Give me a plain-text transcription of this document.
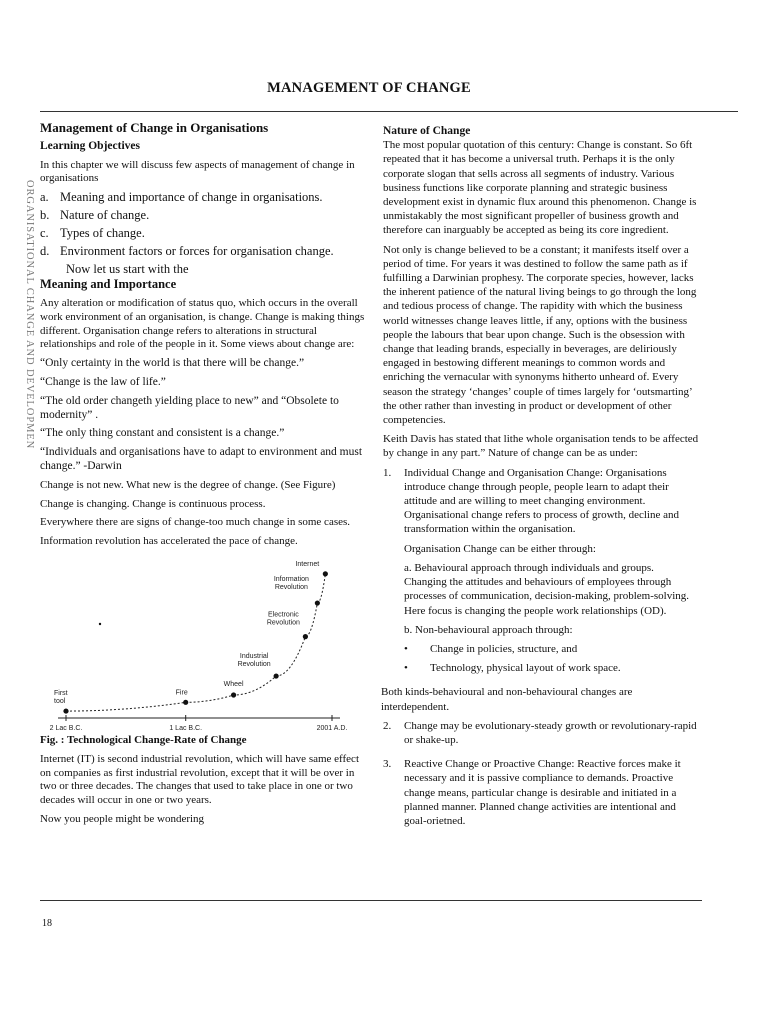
MANAGEMENT OF CHANGE
ORGANISATIONAL CHANGE AND DEVELOPMEN

Management of Change in Organisations

Learning Objectives

In this chapter we will discuss few aspects of management of change in organisations

a. Meaning and importance of change in organisations.
b. Nature of change.
c. Types of change.
d. Environment factors or forces for organisation change.

Now let us start with the

Meaning and Importance

Any alteration or modification of status quo, which occurs in the overall work environment of an organisation, is change. Change is making things different. Organisation change refers to alterations in structural relationships and role of the people in it. Some views about change are:

“Only certainty in the world is that there will be change.”

“Change is the law of life.”

“The old order changeth yielding place to new” and “Obsolete to modernity” .

“The only thing constant and consistent is a change.”

“Individuals and organisations have to adapt to environment and must change.” -Darwin

Change is not new. What new is the degree of change. (See Figure)

Change is changing. Change is continuous process.

Everywhere there are signs of change-too much change in some cases.

Information revolution has accelerated the pace of change.

2 Lac B.C.	1 Lac B.C.	2001 A.D.
First tool
Fire
Wheel
Industrial Revolution
Electronic Revolution
Information Revolution
Internet

Fig. : Technological Change-Rate of Change

Internet (IT) is second industrial revolution, which will have same effect on companies as first industrial revolution, except that it will be over in two or three decades. The changes that used to take place in one or two decades will occur in one or two years.

Now you people might be wondering

Nature of Change

The most popular quotation of this century: Change is constant. So 6ft repeated that it has become a universal truth. Perhaps it is the only corporate slogan that sells across all segments of industry. Various business functions like corporate planning and strategic business development exist in dynamic flux around this phenomenon. Change is unmistakably the most significant propeller of business growth and therefore can inarguably be accepted as being its core ingredient.

Not only is change believed to be a constant; it manifests itself over a period of time. For years it was destined to follow the same path as if fulfilling a Darwinian prophesy. The corporate species, however, lacks the inherent patience of the natural living beings to go through the long and tedious process of change. The rapidity with which the business world witnesses change leaves little, if any, options with the business people the labours that bear upon change. Such is the obsession with change that leading brands, especially in beverages, are deliriously engaged in bestowing different meanings to common words and enriching the vernacular with synonyms hitherto unheard of. Every season the strategy ‘changes’ couple of times largely for ‘outsmarting’ the other rather than investing in product or development of other competencies.

Keith Davis has stated that lithe whole organisation tends to be affected by change in any part.” Nature of change can be as under:

1.	Individual Change and Organisation Change: Organisations introduce change through people, people learn to adapt their attitude and are willing to meet changing environment. Organisational change refers to process of growth, decline and transformation within the organisation.

Organisation Change can be either through:

a. Behavioural approach through individuals and groups. Changing the attitudes and behaviours of employees through processes of communication, decision-making, problem-solving. Here focus is changing the people work relationships (OD).

b. Non-behavioural approach through:

•	Change in policies, structure, and
•	Technology, physical layout of work space.

Both kinds-behavioural and non-behavioural changes are interdependent.

2.	Change may be evolutionary-steady growth or revolutionary-rapid or shake-up.

3.	Reactive Change or Proactive Change: Reactive forces make it necessary and it is passive compliance to demands. Proactive change means, particular change is desirable and initiated in a planned manner. Planned change activities are intentional and goal-orietned.

18
